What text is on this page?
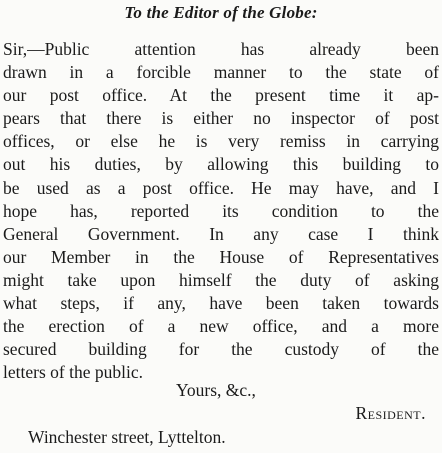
To the Editor of the Globe:
Sir,—Public attention has already been
drawn in a forcible manner to the state of
our post office. At the present time it ap-
pears that there is either no inspector of post
offices, or else he is very remiss in carrying
out his duties, by allowing this building to
be used as a post office. He may have, and I
hope has, reported its condition to the
General Government. In any case I think
our Member in the House of Representatives
might take upon himself the duty of asking
what steps, if any, have been taken towards
the erection of a new office, and a more
secured building for the custody of the
letters of the public.
Yours, &c.,
Resident.
Winchester street, Lyttelton.
